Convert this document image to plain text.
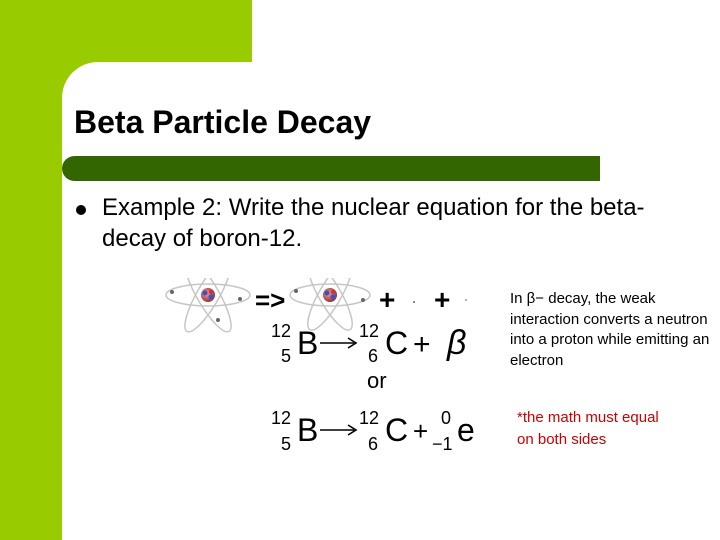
Beta Particle Decay
Example 2: Write the nuclear equation for the beta-decay of boron-12.
=>	+ +
12
5 B 12
6 C + β
or
12
5 B 12
6 C + 0
−1 e
In β− decay, the weak interaction converts a neutron into a proton while emitting an electron
*the math must equal on both sides
